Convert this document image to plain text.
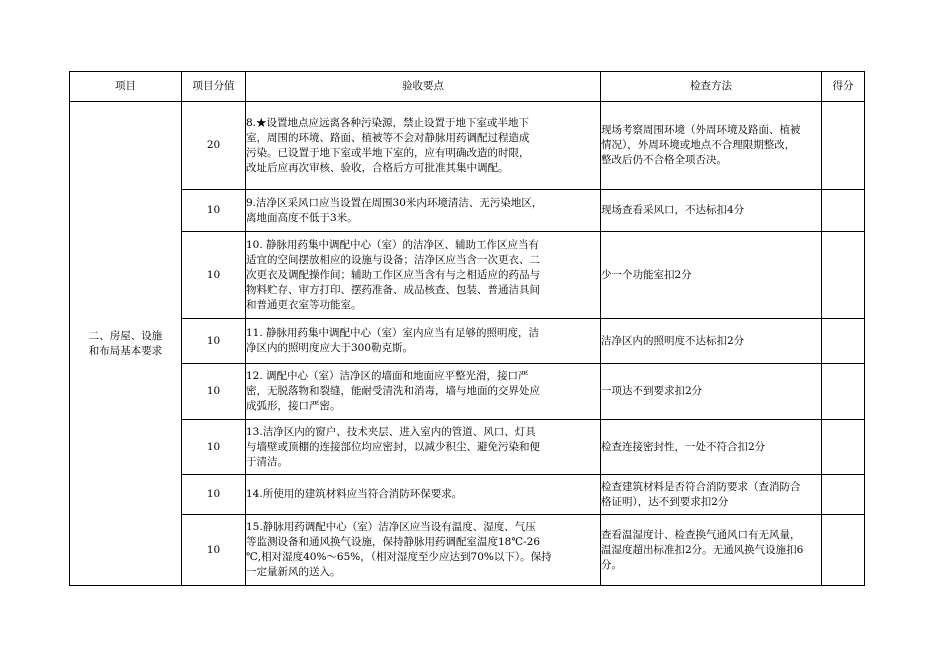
项目	项目分值	验收要点	检查方法	得分
二、房屋、设施
和布局基本要求	20	8.★设置地点应远离各种污染源，禁止设置于地下室或半地下
室，周围的环境、路面、植被等不会对静脉用药调配过程造成
污染。已设置于地下室或半地下室的，应有明确改造的时限，
改址后应再次审核、验收，合格后方可批准其集中调配。	现场考察周围环境（外周环境及路面、植被
情况），外周环境或地点不合理限期整改，
整改后仍不合格全项否决。	
	10	9.洁净区采风口应当设置在周围30米内环境清洁、无污染地区，
离地面高度不低于3米。	现场查看采风口，不达标扣4分	
	10	10. 静脉用药集中调配中心（室）的洁净区、辅助工作区应当有
适宜的空间摆放相应的设施与设备；洁净区应当含一次更衣、二
次更衣及调配操作间；辅助工作区应当含有与之相适应的药品与
物料贮存、审方打印、摆药准备、成品核查、包装、普通洁具间
和普通更衣室等功能室。	少一个功能室扣2分	
	10	11. 静脉用药集中调配中心（室）室内应当有足够的照明度，洁
净区内的照明度应大于300勒克斯。	洁净区内的照明度不达标扣2分	
	10	12. 调配中心（室）洁净区的墙面和地面应平整光滑，接口严
密，无脱落物和裂缝，能耐受清洗和消毒，墙与地面的交界处应
成弧形，接口严密。	一项达不到要求扣2分	
	10	13.洁净区内的窗户、技术夹层、进入室内的管道、风口、灯具
与墙壁或顶棚的连接部位均应密封，以减少积尘、避免污染和便
于清洁。	检查连接密封性，一处不符合扣2分	
	10	14.所使用的建筑材料应当符合消防环保要求。	检查建筑材料是否符合消防要求（查消防合
格证明），达不到要求扣2分	
	10	15.静脉用药调配中心（室）洁净区应当设有温度、湿度、气压
等监测设备和通风换气设施，保持静脉用药调配室温度18℃-26
℃,相对湿度40%～65%，（相对湿度至少应达到70%以下）。保持
一定量新风的送入。	查看温湿度计、检查换气通风口有无风量，
温湿度超出标准扣2分。无通风换气设施扣6
分。	
